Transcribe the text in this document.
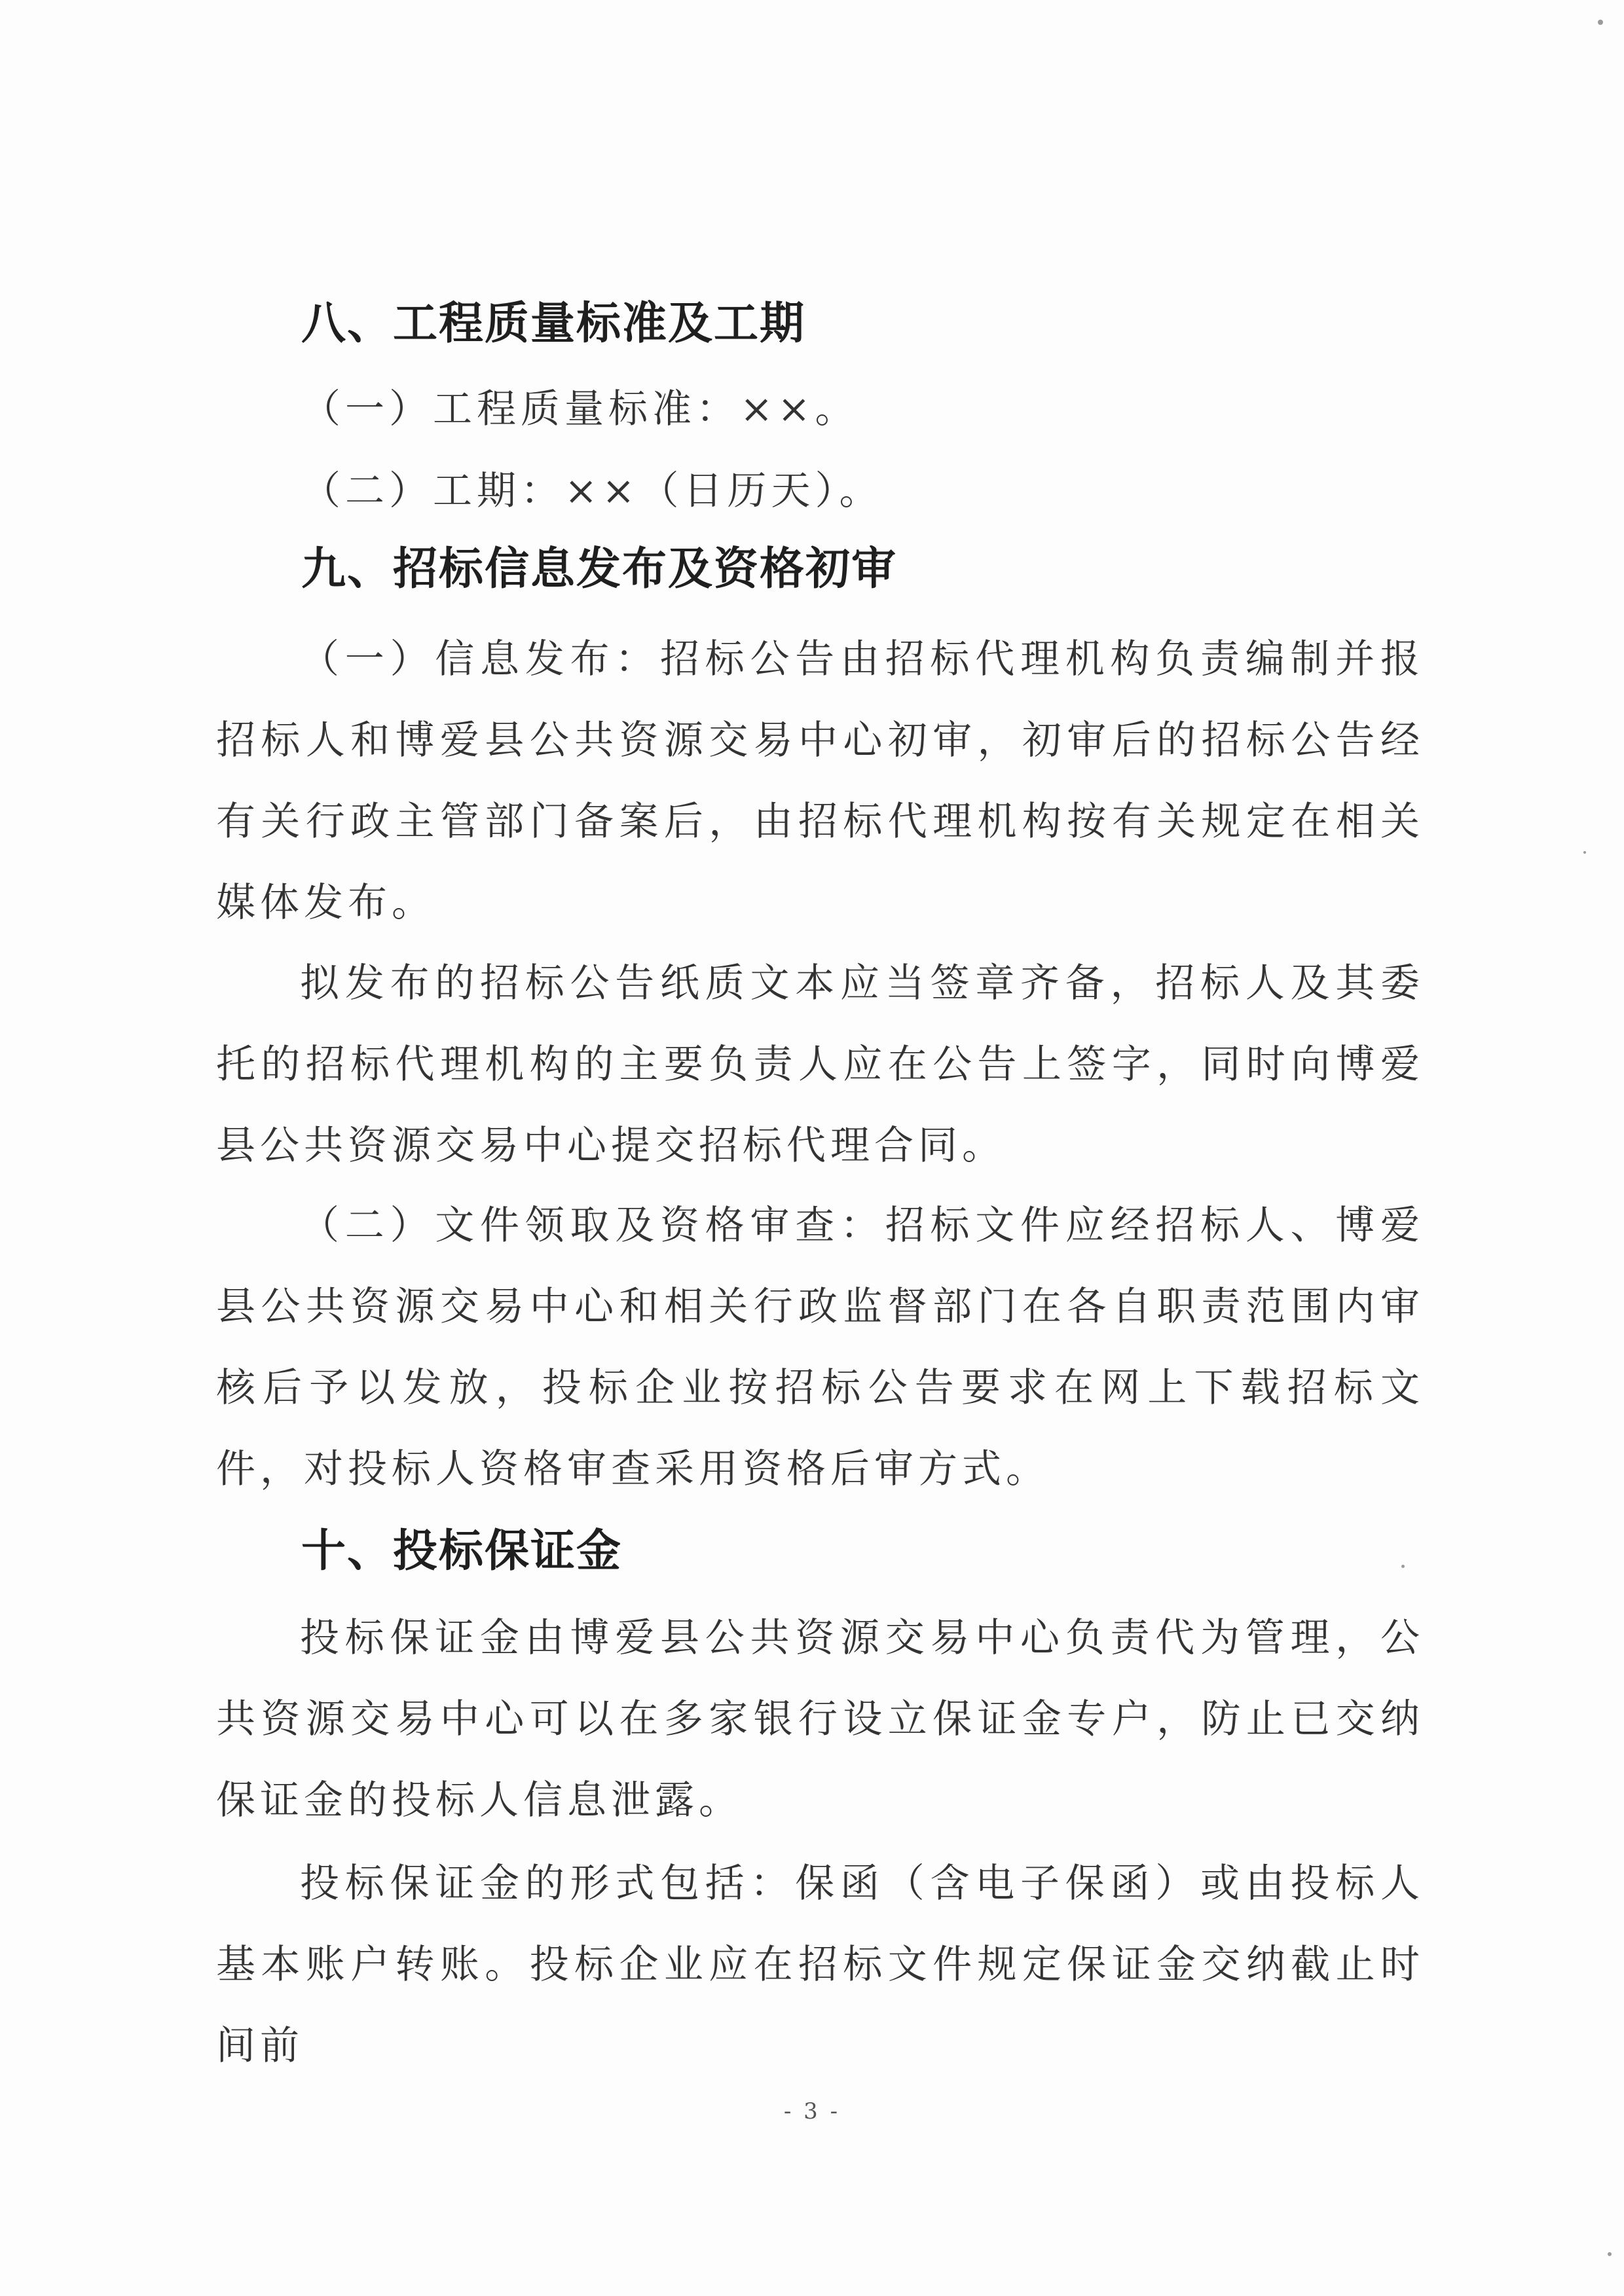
八、工程质量标准及工期
（一）工程质量标准：××。
（二）工期：××（日历天）。
九、招标信息发布及资格初审
（一）信息发布：招标公告由招标代理机构负责编制并报招标人和博爱县公共资源交易中心初审，初审后的招标公告经有关行政主管部门备案后，由招标代理机构按有关规定在相关媒体发布。
拟发布的招标公告纸质文本应当签章齐备，招标人及其委托的招标代理机构的主要负责人应在公告上签字，同时向博爱县公共资源交易中心提交招标代理合同。
（二）文件领取及资格审查：招标文件应经招标人、博爱县公共资源交易中心和相关行政监督部门在各自职责范围内审核后予以发放，投标企业按招标公告要求在网上下载招标文件，对投标人资格审查采用资格后审方式。
十、投标保证金
投标保证金由博爱县公共资源交易中心负责代为管理，公共资源交易中心可以在多家银行设立保证金专户，防止已交纳保证金的投标人信息泄露。
投标保证金的形式包括：保函（含电子保函）或由投标人基本账户转账。投标企业应在招标文件规定保证金交纳截止时间前
- 3 -
